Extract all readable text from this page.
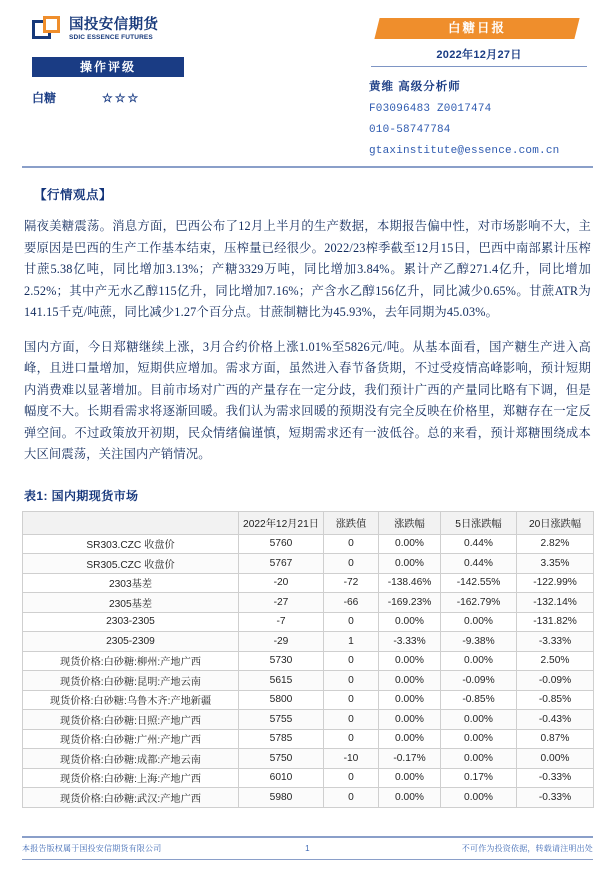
国投安信期货
SDIC ESSENCE FUTURES
操作评级
白糖	☆☆☆
白糖日报
2022年12月27日
黄维 高级分析师
F03096483 Z0017474
010-58747784
gtaxinstitute@essence.com.cn
【行情观点】
隔夜美糖震荡。消息方面，巴西公布了12月上半月的生产数据，本期报告偏中性，对市场影响不大，主要原因是巴西的生产工作基本结束，压榨量已经很少。2022/23榨季截至12月15日，巴西中南部累计压榨甘蔗5.38亿吨，同比增加3.13%；产糖3329万吨，同比增加3.84%。累计产乙醇271.4亿升，同比增加2.52%；其中产无水乙醇115亿升，同比增加7.16%；产含水乙醇156亿升，同比减少0.65%。甘蔗ATR为141.15千克/吨蔗，同比减少1.27个百分点。甘蔗制糖比为45.93%，去年同期为45.03%。
国内方面，今日郑糖继续上涨，3月合约价格上涨1.01%至5826元/吨。从基本面看，国产糖生产进入高峰，且进口量增加，短期供应增加。需求方面，虽然进入春节备货期，不过受疫情高峰影响，预计短期内消费难以显著增加。目前市场对广西的产量存在一定分歧，我们预计广西的产量同比略有下调，但是幅度不大。长期看需求将逐渐回暖。我们认为需求回暖的预期没有完全反映在价格里，郑糖存在一定反弹空间。不过政策放开初期，民众情绪偏谨慎，短期需求还有一波低谷。总的来看，预计郑糖围绕成本大区间震荡，关注国内产销情况。
表1: 国内期现货市场
	2022年12月21日	涨跌值	涨跌幅	5日涨跌幅	20日涨跌幅
SR303.CZC 收盘价	5760	0	0.00%	0.44%	2.82%
SR305.CZC 收盘价	5767	0	0.00%	0.44%	3.35%
2303基差	-20	-72	-138.46%	-142.55%	-122.99%
2305基差	-27	-66	-169.23%	-162.79%	-132.14%
2303-2305	-7	0	0.00%	0.00%	-131.82%
2305-2309	-29	1	-3.33%	-9.38%	-3.33%
现货价格:白砂糖:柳州:产地广西	5730	0	0.00%	0.00%	2.50%
现货价格:白砂糖:昆明:产地云南	5615	0	0.00%	-0.09%	-0.09%
现货价格:白砂糖:乌鲁木齐:产地新疆	5800	0	0.00%	-0.85%	-0.85%
现货价格:白砂糖:日照:产地广西	5755	0	0.00%	0.00%	-0.43%
现货价格:白砂糖:广州:产地广西	5785	0	0.00%	0.00%	0.87%
现货价格:白砂糖:成都:产地云南	5750	-10	-0.17%	0.00%	0.00%
现货价格:白砂糖:上海:产地广西	6010	0	0.00%	0.17%	-0.33%
现货价格:白砂糖:武汉:产地广西	5980	0	0.00%	0.00%	-0.33%
本报告版权属于国投安信期货有限公司	1	不可作为投资依据，转载请注明出处
